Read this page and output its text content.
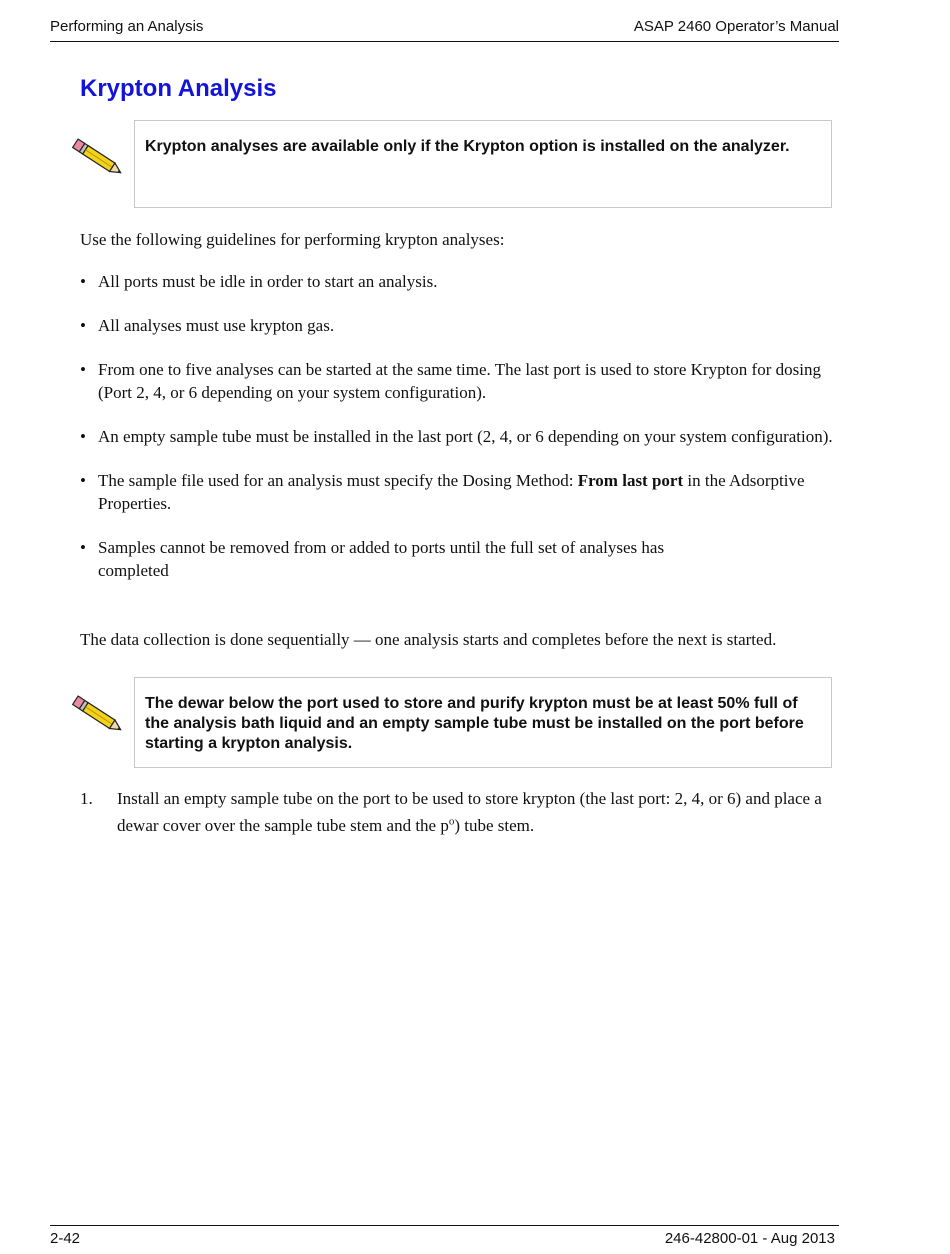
Performing an Analysis	ASAP 2460 Operator’s Manual
Krypton Analysis

Krypton analyses are available only if the Krypton option is installed on the analyzer.

Use the following guidelines for performing krypton analyses:

• All ports must be idle in order to start an analysis.
• All analyses must use krypton gas.
• From one to five analyses can be started at the same time. The last port is used to store Krypton for dosing (Port 2, 4, or 6 depending on your system configuration).
• An empty sample tube must be installed in the last port (2, 4, or 6 depending on your system configuration).
• The sample file used for an analysis must specify the Dosing Method: From last port in the Adsorptive Properties.
• Samples cannot be removed from or added to ports until the full set of analyses has completed

The data collection is done sequentially — one analysis starts and completes before the next is started.

The dewar below the port used to store and purify krypton must be at least 50% full of the analysis bath liquid and an empty sample tube must be installed on the port before starting a krypton analysis.

1. Install an empty sample tube on the port to be used to store krypton (the last port: 2, 4, or 6) and place a dewar cover over the sample tube stem and the $p^o$) tube stem.
2-42	246-42800-01 - Aug 2013
